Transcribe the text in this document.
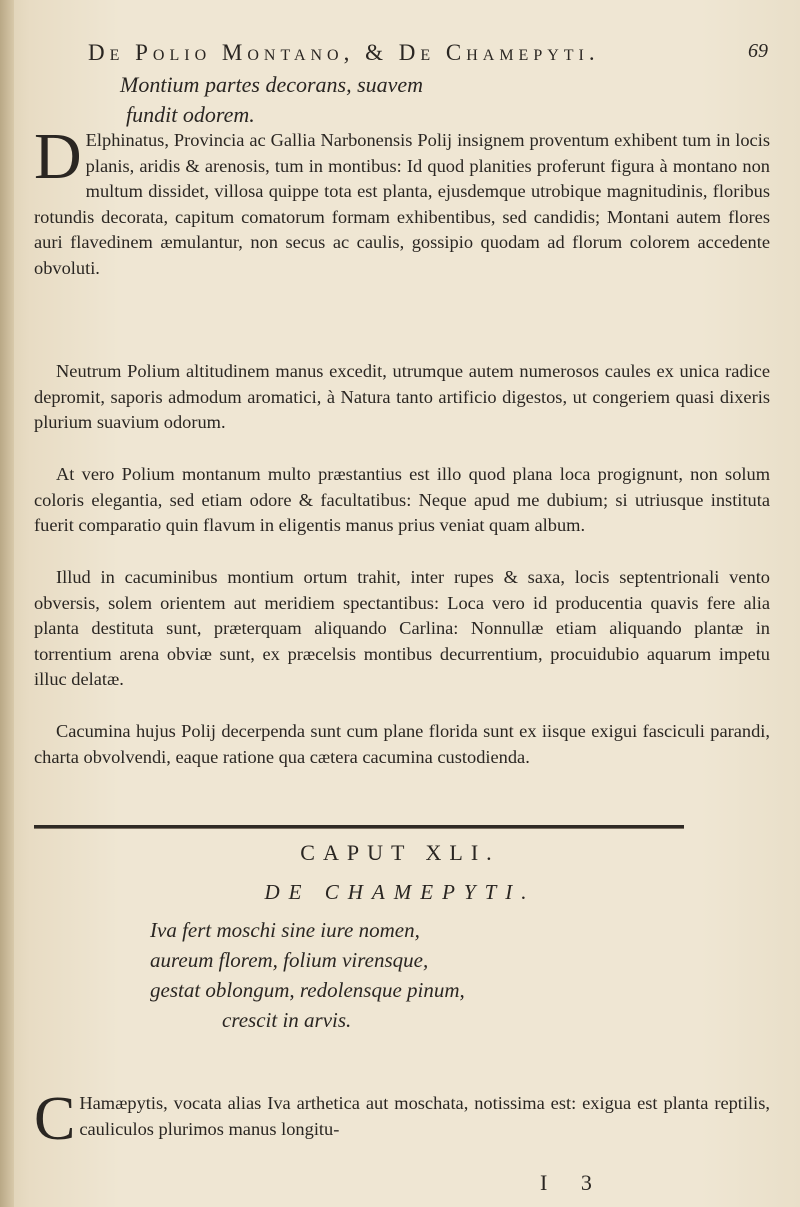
De Polio Montano, & De Chamepyti.	69
Montium partes decorans, suavem
fundit odorem.

D Elphinatus, Provincia ac Gallia Narbonensis Polij insignem proventum exhibent tum in locis planis, aridis & arenosis, tum in montibus: Id quod planities proferunt figura à montano non multum dissidet, villosa quippe tota est planta, ejusdemque utrobique magnitudinis, floribus rotundis decorata, capitum comatorum formam exhibentibus, sed candidis; Montani autem flores auri flavedinem æmulantur, non secus ac caulis, gossipio quodam ad florum colorem accedente obvoluti.

Neutrum Polium altitudinem manus excedit, utrumque autem numerosos caules ex unica radice depromit, saporis admodum aromatici, à Natura tanto artificio digestos, ut congeriem quasi dixeris plurium suavium odorum.

At vero Polium montanum multo præstantius est illo quod plana loca progignunt, non solum coloris elegantia, sed etiam odore & facultatibus: Neque apud me dubium; si utriusque instituta fuerit comparatio quin flavum in eligentis manus prius veniat quam album.

Illud in cacuminibus montium ortum trahit, inter rupes & saxa, locis septentrionali vento obversis, solem orientem aut meridiem spectantibus: Loca vero id producentia quavis fere alia planta destituta sunt, præterquam aliquando Carlina: Nonnullæ etiam aliquando plantæ in torrentium arena obviæ sunt, ex præcelsis montibus decurrentium, procuidubio aquarum impetu illuc delatæ.

Cacumina hujus Polij decerpenda sunt cum plane florida sunt ex iisque exigui fasciculi parandi, charta obvolvendi, eaque ratione qua cætera cacumina custodienda.

CAPUT XLI.
DE CHAMEPYTI.
Iva fert moschi sine iure nomen,
aureum florem, folium virensque,
gestat oblongum, redolensque pinum,
crescit in arvis.

C Hamæpytis, vocata alias Iva arthetica aut moschata, notissima est: exigua est planta reptilis, cauliculos plurimos manus longitu-

I 3
